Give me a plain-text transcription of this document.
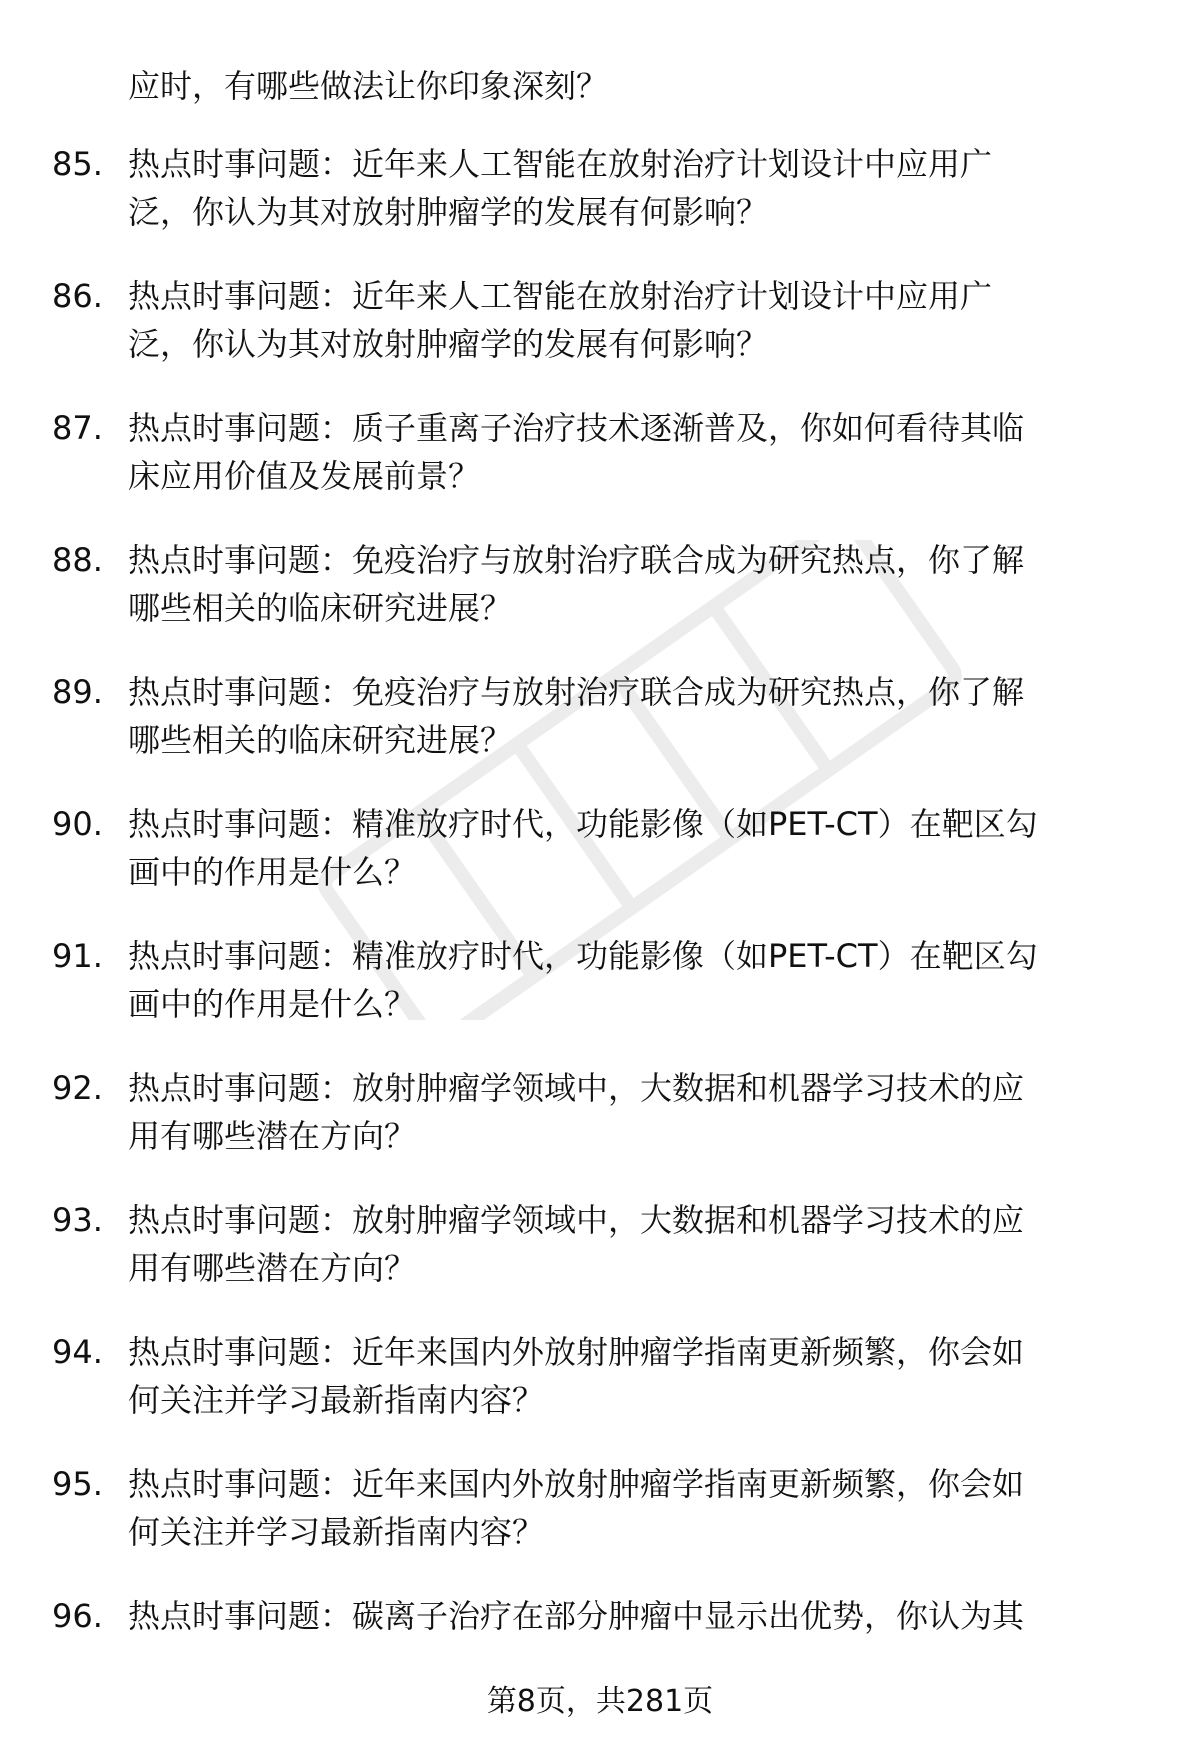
应时，有哪些做法让你印象深刻？
85. 热点时事问题：近年来人工智能在放射治疗计划设计中应用广
泛，你认为其对放射肿瘤学的发展有何影响？
86. 热点时事问题：近年来人工智能在放射治疗计划设计中应用广
泛，你认为其对放射肿瘤学的发展有何影响？
87. 热点时事问题：质子重离子治疗技术逐渐普及，你如何看待其临
床应用价值及发展前景？
88. 热点时事问题：免疫治疗与放射治疗联合成为研究热点，你了解
哪些相关的临床研究进展？
89. 热点时事问题：免疫治疗与放射治疗联合成为研究热点，你了解
哪些相关的临床研究进展？
90. 热点时事问题：精准放疗时代，功能影像（如PET-CT）在靶区勾
画中的作用是什么？
91. 热点时事问题：精准放疗时代，功能影像（如PET-CT）在靶区勾
画中的作用是什么？
92. 热点时事问题：放射肿瘤学领域中，大数据和机器学习技术的应
用有哪些潜在方向？
93. 热点时事问题：放射肿瘤学领域中，大数据和机器学习技术的应
用有哪些潜在方向？
94. 热点时事问题：近年来国内外放射肿瘤学指南更新频繁，你会如
何关注并学习最新指南内容？
95. 热点时事问题：近年来国内外放射肿瘤学指南更新频繁，你会如
何关注并学习最新指南内容？
96. 热点时事问题：碳离子治疗在部分肿瘤中显示出优势，你认为其
第8页，共281页
